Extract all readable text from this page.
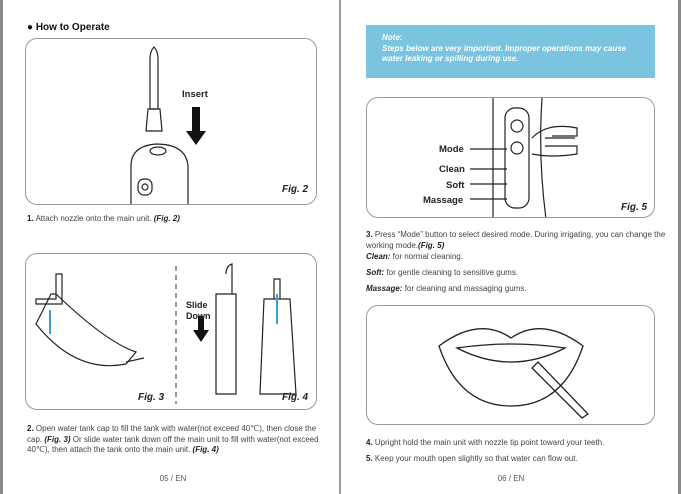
● How to Operate
Insert
Fig. 2
1. Attach nozzle onto the main unit. (Fig. 2)
Slide
Down
Fig. 3	Fig. 4
2. Open water tank cap to fill the tank with water(not exceed 40℃), then close the cap. (Fig. 3) Or slide water tank down off the main unit to fill with water(not exceed 40℃), then attach the tank onto the main unit. (Fig. 4)
05 / EN
Note:
Steps below are very important. Improper operations may cause water leaking or spilling during use.
Mode
Clean
Soft
Massage
Fig. 5
3. Press “Mode” button to select desired mode. During irrigating, you can change the working mode.(Fig. 5)
Clean: for normal cleaning.
Soft: for gentle cleaning to sensitive gums.
Massage: for cleaning and massaging gums.
4. Upright hold the main unit with nozzle tip point toward your teeth.
5. Keep your mouth open slightly so that water can flow out.
06 / EN
